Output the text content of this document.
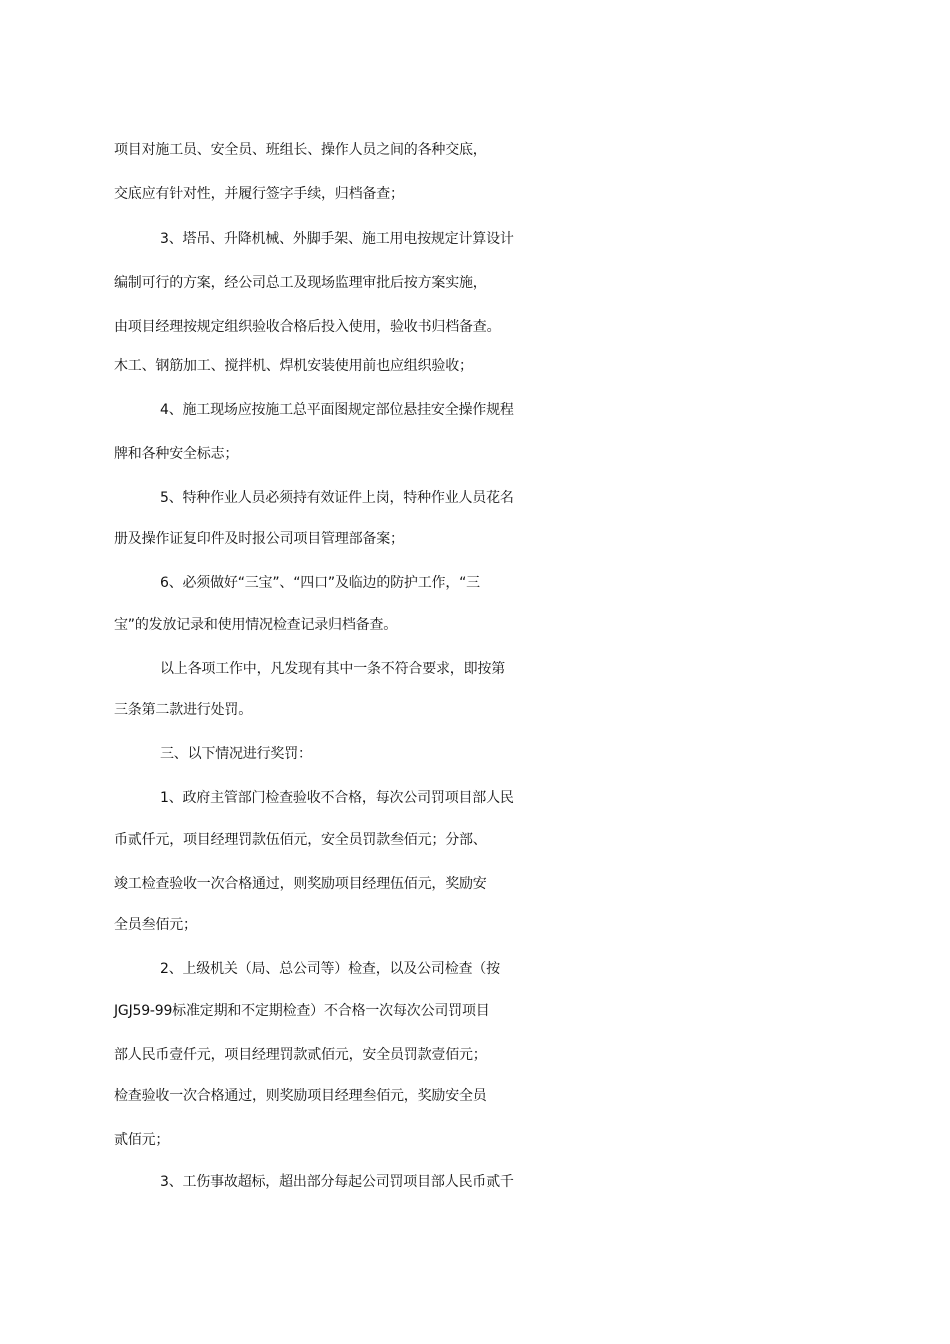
项目对施工员、安全员、班组长、操作人员之间的各种交底，
交底应有针对性，并履行签字手续，归档备查；
3、塔吊、升降机械、外脚手架、施工用电按规定计算设计
编制可行的方案，经公司总工及现场监理审批后按方案实施，
由项目经理按规定组织验收合格后投入使用，验收书归档备查。
木工、钢筋加工、搅拌机、焊机安装使用前也应组织验收；
4、施工现场应按施工总平面图规定部位悬挂安全操作规程
牌和各种安全标志；
5、特种作业人员必须持有效证件上岗，特种作业人员花名
册及操作证复印件及时报公司项目管理部备案；
6、必须做好“三宝”、“四口”及临边的防护工作，“三
宝”的发放记录和使用情况检查记录归档备查。
以上各项工作中，凡发现有其中一条不符合要求，即按第
三条第二款进行处罚。
三、以下情况进行奖罚：
1、政府主管部门检查验收不合格，每次公司罚项目部人民
币贰仟元，项目经理罚款伍佰元，安全员罚款叁佰元；分部、
竣工检查验收一次合格通过，则奖励项目经理伍佰元，奖励安
全员叁佰元；
2、上级机关（局、总公司等）检查，以及公司检查（按
JGJ59-99标准定期和不定期检查）不合格一次每次公司罚项目
部人民币壹仟元，项目经理罚款贰佰元，安全员罚款壹佰元；
检查验收一次合格通过，则奖励项目经理叁佰元，奖励安全员
贰佰元；
3、工伤事故超标，超出部分每起公司罚项目部人民币贰千
